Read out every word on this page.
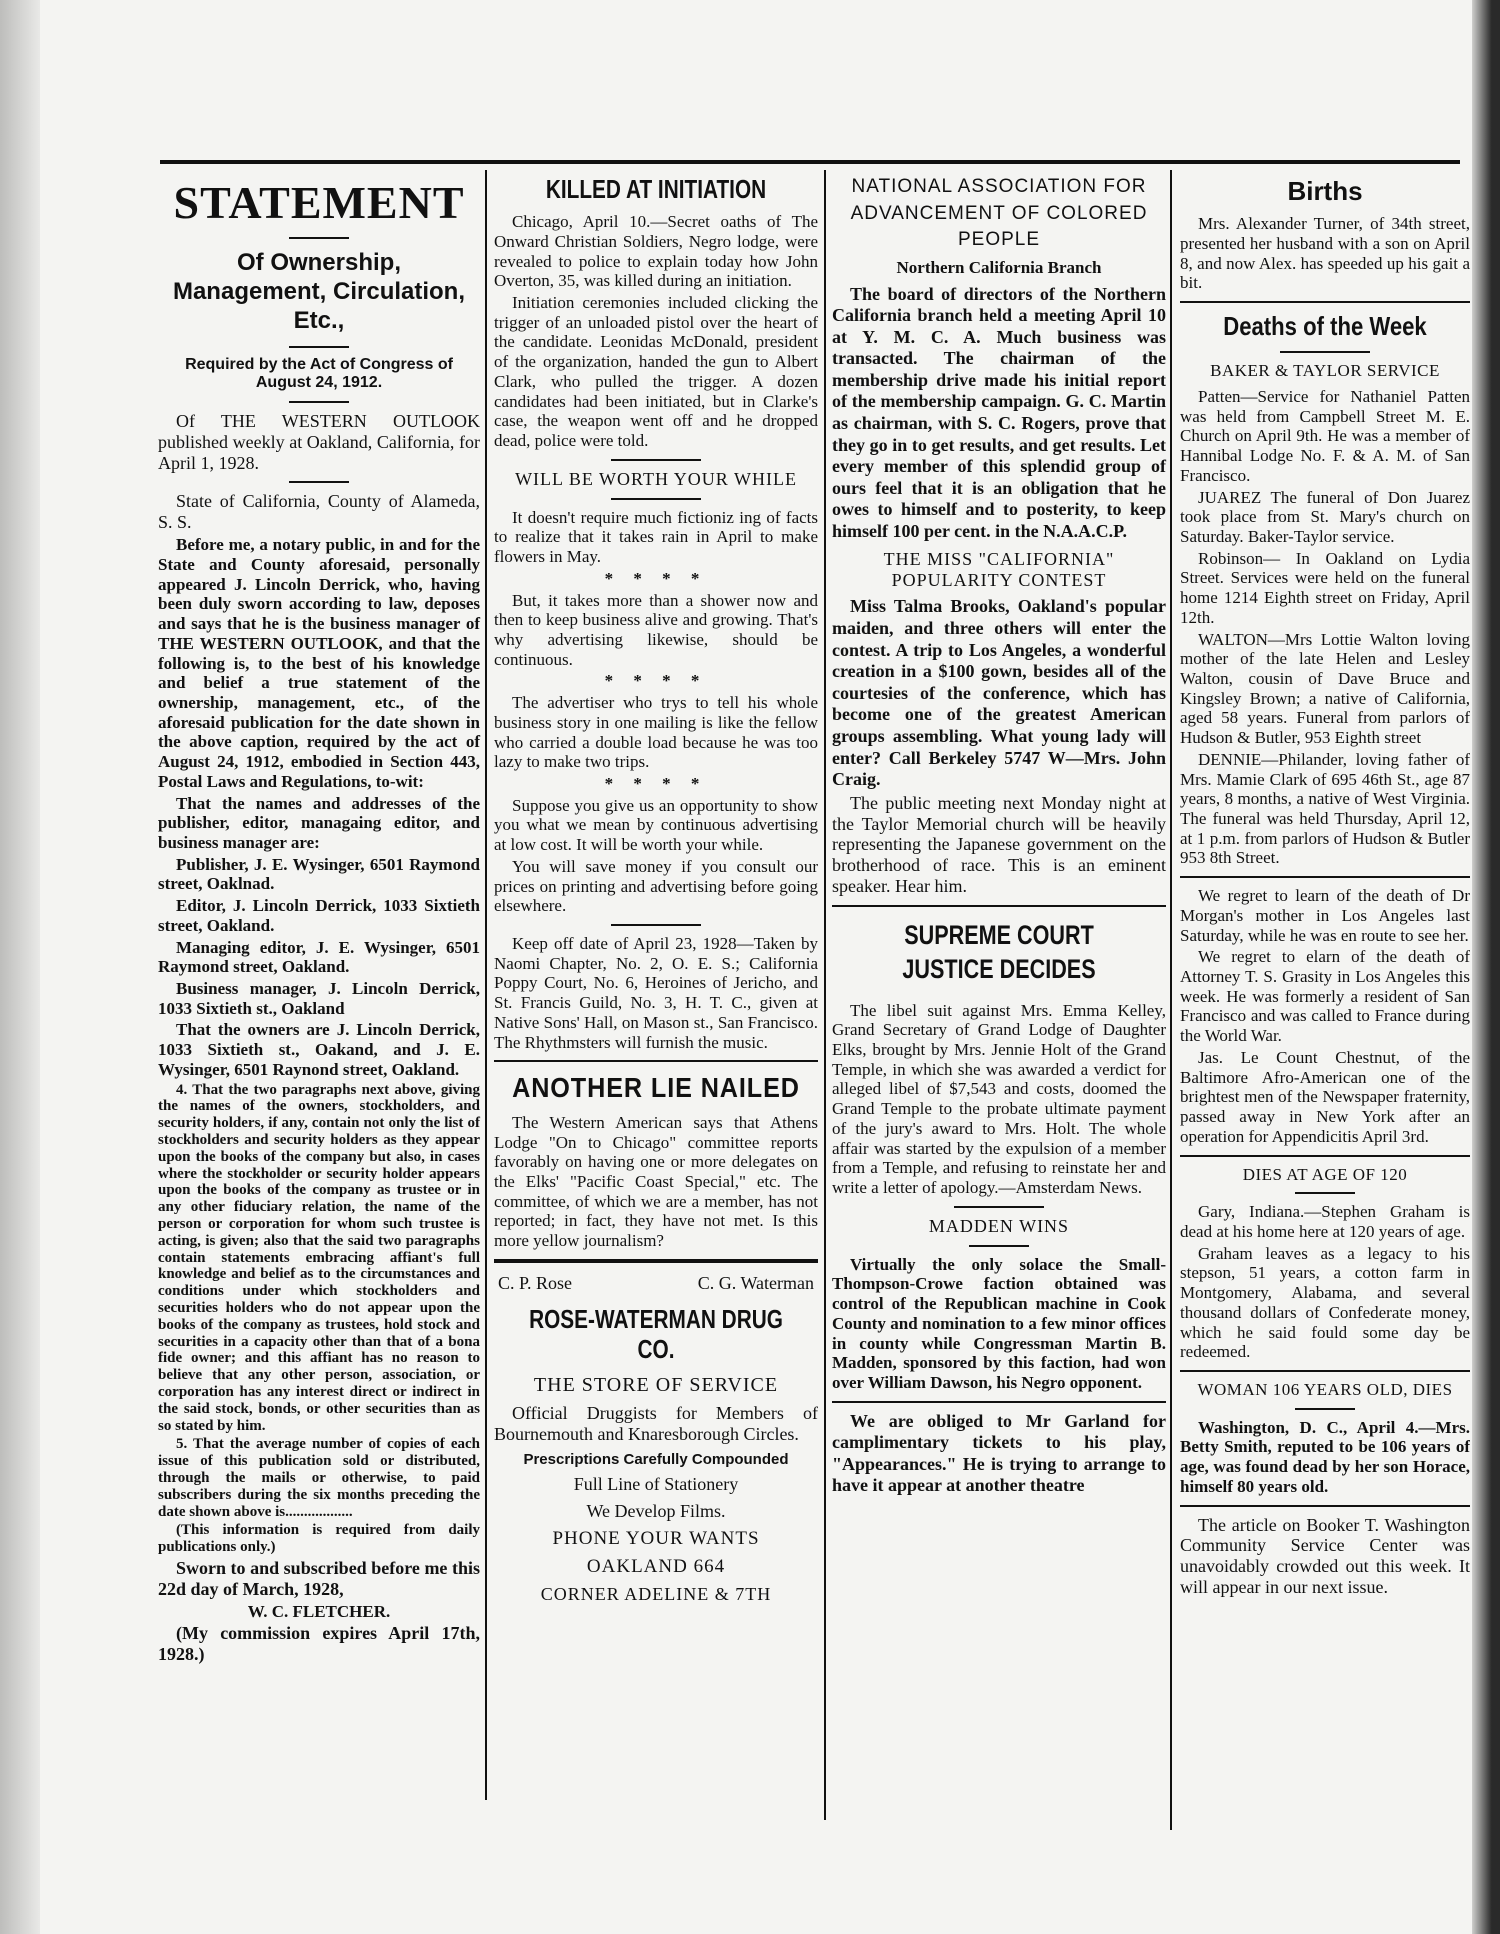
STATEMENT
Of Ownership, Management, Circulation, Etc.,
Required by the Act of Congress of August 24, 1912.

Of THE WESTERN OUTLOOK published weekly at Oakland, California, for April 1, 1928.

State of California, County of Alameda, S. S.

Before me, a notary public, in and for the State and County aforesaid, personally appeared J. Lincoln Derrick, who, having been duly sworn according to law, deposes and says that he is the business manager of THE WESTERN OUTLOOK, and that the following is, to the best of his knowledge and belief a true statement of the ownership, management, etc., of the aforesaid publication for the date shown in the above caption, required by the act of August 24, 1912, embodied in Section 443, Postal Laws and Regulations, to-wit:

That the names and addresses of the publisher, editor, managaing editor, and business manager are:

Publisher, J. E. Wysinger, 6501 Raymond street, Oaklnad.

Editor, J. Lincoln Derrick, 1033 Sixtieth street, Oakland.

Managing editor, J. E. Wysinger, 6501 Raymond street, Oakland.

Business manager, J. Lincoln Derrick, 1033 Sixtieth st., Oakland

That the owners are J. Lincoln Derrick, 1033 Sixtieth st., Oakand, and J. E. Wysinger, 6501 Raynond street, Oakland.

4. That the two paragraphs next above, giving the names of the owners, stockholders, and security holders, if any, contain not only the list of stockholders and security holders as they appear upon the books of the company but also, in cases where the stockholder or security holder appears upon the books of the company as trustee or in any other fiduciary relation, the name of the person or corporation for whom such trustee is acting, is given; also that the said two paragraphs contain statements embracing affiant's full knowledge and belief as to the circumstances and conditions under which stockholders and securities holders who do not appear upon the books of the company as trustees, hold stock and securities in a capacity other than that of a bona fide owner; and this affiant has no reason to believe that any other person, association, or corporation has any interest direct or indirect in the said stock, bonds, or other securities than as so stated by him.

5. That the average number of copies of each issue of this publication sold or distributed, through the mails or otherwise, to paid subscribers during the six months preceding the date shown above is..................

(This information is required from daily publications only.)

Sworn to and subscribed before me this 22d day of March, 1928,

W. C. FLETCHER.

(My commission expires April 17th, 1928.)

KILLED AT INITIATION

Chicago, April 10.—Secret oaths of The Onward Christian Soldiers, Negro lodge, were revealed to police to explain today how John Overton, 35, was killed during an initiation.

Initiation ceremonies included clicking the trigger of an unloaded pistol over the heart of the candidate. Leonidas McDonald, president of the organization, handed the gun to Albert Clark, who pulled the trigger. A dozen candidates had been initiated, but in Clarke's case, the weapon went off and he dropped dead, police were told.

WILL BE WORTH YOUR WHILE

It doesn't require much fictioniz ing of facts to realize that it takes rain in April to make flowers in May.

* * * *

But, it takes more than a shower now and then to keep business alive and growing. That's why advertising likewise, should be continuous.

* * * *

The advertiser who trys to tell his whole business story in one mailing is like the fellow who carried a double load because he was too lazy to make two trips.

* * * *

Suppose you give us an opportunity to show you what we mean by continuous advertising at low cost. It will be worth your while.

You will save money if you consult our prices on printing and advertising before going elsewhere.

Keep off date of April 23, 1928—Taken by Naomi Chapter, No. 2, O. E. S.; California Poppy Court, No. 6, Heroines of Jericho, and St. Francis Guild, No. 3, H. T. C., given at Native Sons' Hall, on Mason st., San Francisco. The Rhythmsters will furnish the music.

ANOTHER LIE NAILED

The Western American says that Athens Lodge "On to Chicago" committee reports favorably on having one or more delegates on the Elks' "Pacific Coast Special," etc. The committee, of which we are a member, has not reported; in fact, they have not met. Is this more yellow journalism?

C. P. Rose	C. G. Waterman
ROSE-WATERMAN DRUG CO.
THE STORE OF SERVICE

Official Druggists for Members of Bournemouth and Knaresborough Circles.

Prescriptions Carefully Compounded
Full Line of Stationery
We Develop Films.
PHONE YOUR WANTS
OAKLAND 664
CORNER ADELINE & 7TH
NATIONAL ASSOCIATION FOR ADVANCEMENT OF COLORED PEOPLE
Northern California Branch

The board of directors of the Northern California branch held a meeting April 10 at Y. M. C. A. Much business was transacted. The chairman of the membership drive made his initial report of the membership campaign. G. C. Martin as chairman, with S. C. Rogers, prove that they go in to get results, and get results. Let every member of this splendid group of ours feel that it is an obligation that he owes to himself and to posterity, to keep himself 100 per cent. in the N.A.A.C.P.

THE MISS "CALIFORNIA" POPULARITY CONTEST

Miss Talma Brooks, Oakland's popular maiden, and three others will enter the contest. A trip to Los Angeles, a wonderful creation in a $100 gown, besides all of the courtesies of the conference, which has become one of the greatest American groups assembling. What young lady will enter? Call Berkeley 5747 W—Mrs. John Craig.

The public meeting next Monday night at the Taylor Memorial church will be heavily representing the Japanese government on the brotherhood of race. This is an eminent speaker. Hear him.

SUPREME COURT JUSTICE DECIDES

The libel suit against Mrs. Emma Kelley, Grand Secretary of Grand Lodge of Daughter Elks, brought by Mrs. Jennie Holt of the Grand Temple, in which she was awarded a verdict for alleged libel of $7,543 and costs, doomed the Grand Temple to the probate ultimate payment of the jury's award to Mrs. Holt. The whole affair was started by the expulsion of a member from a Temple, and refusing to reinstate her and write a letter of apology.—Amsterdam News.

MADDEN WINS

Virtually the only solace the Small-Thompson-Crowe faction obtained was control of the Republican machine in Cook County and nomination to a few minor offices in county while Congressman Martin B. Madden, sponsored by this faction, had won over William Dawson, his Negro opponent.

We are obliged to Mr Garland for camplimentary tickets to his play, "Appearances." He is trying to arrange to have it appear at another theatre

Births

Mrs. Alexander Turner, of 34th street, presented her husband with a son on April 8, and now Alex. has speeded up his gait a bit.

Deaths of the Week
BAKER & TAYLOR SERVICE

Patten—Service for Nathaniel Patten was held from Campbell Street M. E. Church on April 9th. He was a member of Hannibal Lodge No. F. & A. M. of San Francisco.

JUAREZ The funeral of Don Juarez took place from St. Mary's church on Saturday. Baker-Taylor service.

Robinson— In Oakland on Lydia Street. Services were held on the funeral home 1214 Eighth street on Friday, April 12th.

WALTON—Mrs Lottie Walton loving mother of the late Helen and Lesley Walton, cousin of Dave Bruce and Kingsley Brown; a native of California, aged 58 years. Funeral from parlors of Hudson & Butler, 953 Eighth street

DENNIE—Philander, loving father of Mrs. Mamie Clark of 695 46th St., age 87 years, 8 months, a native of West Virginia. The funeral was held Thursday, April 12, at 1 p.m. from parlors of Hudson & Butler 953 8th Street.

We regret to learn of the death of Dr Morgan's mother in Los Angeles last Saturday, while he was en route to see her.

We regret to elarn of the death of Attorney T. S. Grasity in Los Angeles this week. He was formerly a resident of San Francisco and was called to France during the World War.

Jas. Le Count Chestnut, of the Baltimore Afro-American one of the brightest men of the Newspaper fraternity, passed away in New York after an operation for Appendicitis April 3rd.

DIES AT AGE OF 120

Gary, Indiana.—Stephen Graham is dead at his home here at 120 years of age.

Graham leaves as a legacy to his stepson, 51 years, a cotton farm in Montgomery, Alabama, and several thousand dollars of Confederate money, which he said fould some day be redeemed.

WOMAN 106 YEARS OLD, DIES

Washington, D. C., April 4.—Mrs. Betty Smith, reputed to be 106 years of age, was found dead by her son Horace, himself 80 years old.

The article on Booker T. Washington Community Service Center was unavoidably crowded out this week. It will appear in our next issue.
